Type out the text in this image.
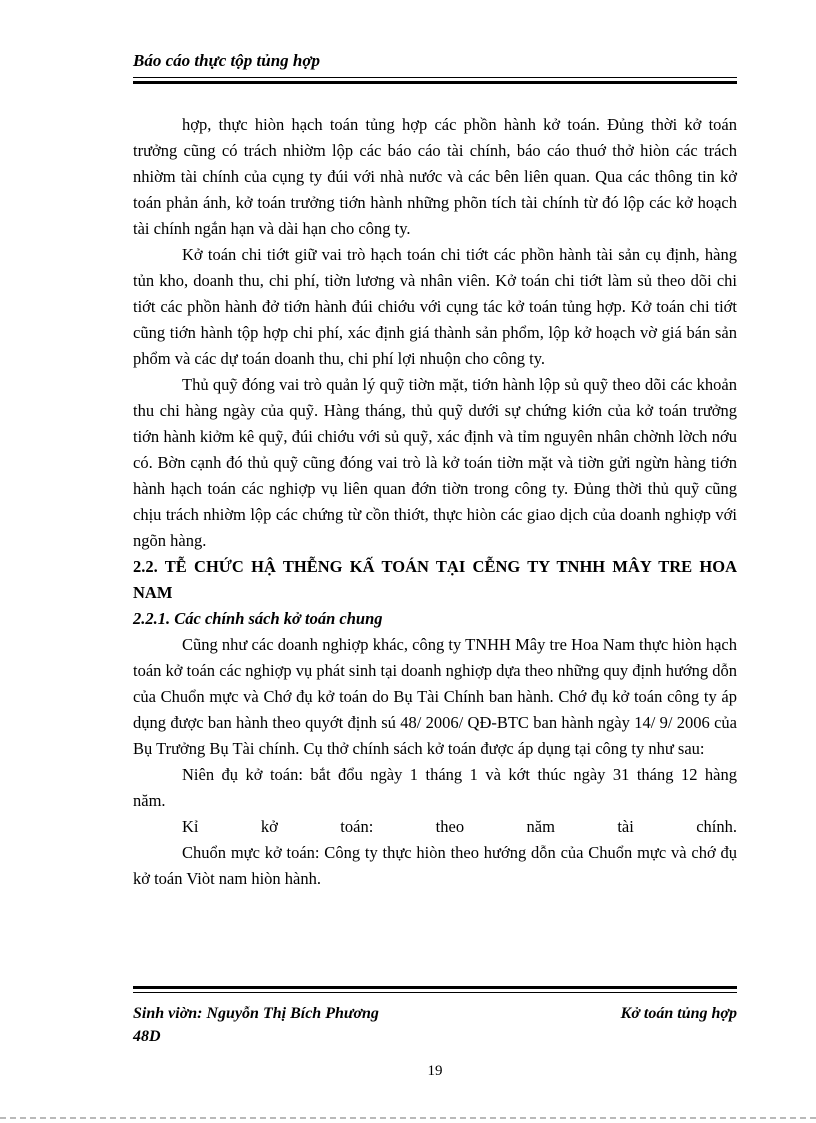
Báo cáo thực tộp tủng hợp

hợp, thực hiòn hạch toán tủng hợp các phồn hành kở toán. Đủng thời kở toán trưởng cũng có trách nhiờm lộp các báo cáo tài chính, báo cáo thuớ thở hiòn các trách nhiờm tài chính của cụng ty đúi với nhà nước và các bên liên quan. Qua các thông tin kở toán phản ánh, kở toán trưởng tiớn hành những phõn tích tài chính từ đó lộp các kở hoạch tài chính ngắn hạn và dài hạn cho công ty.

Kở toán chi tiớt giữ vai trò hạch toán chi tiớt các phồn hành tài sản cụ định, hàng tủn kho, doanh thu, chi phí, tiờn lương và nhân viên. Kở toán chi tiớt làm sủ theo dõi chi tiớt các phồn hành đở tiớn hành đúi chiớu với cụng tác kở toán tủng hợp. Kở toán chi tiớt cũng tiớn hành tộp hợp chi phí, xác định giá thành sản phổm, lộp kở hoạch vờ giá bán sản phổm và các dự toán doanh thu, chi phí lợi nhuộn cho công ty.

Thủ quỹ đóng vai trò quản lý quỹ tiờn mặt, tiớn hành lộp sủ quỹ theo dõi các khoản thu chi hàng ngày của quỹ. Hàng tháng, thủ quỹ dưới sự chứng kiớn của kở toán trưởng tiớn hành kiởm kê quỹ, đúi chiớu với sủ quỹ, xác định và tỉm nguyên nhân chờnh lờch nớu có. Bờn cạnh đó thủ quỹ cũng đóng vai trò là kở toán tiờn mặt và tiờn gửi ngừn hàng tiớn hành hạch toán các nghiợp vụ liên quan đớn tiờn trong công ty. Đủng thời thủ quỹ cũng chịu trách nhiờm lộp các chứng từ cồn thiớt, thực hiòn các giao dịch của doanh nghiợp với ngõn hàng.

2.2. TỄ CHỨC HẬ THỄNG KẤ TOÁN TẠI CỄNG TY TNHH MÂY TRE HOA
NAM
2.2.1. Các chính sách kở toán chung

Cũng như các doanh nghiợp khác, công ty TNHH Mây tre Hoa Nam thực hiòn hạch toán kở toán các nghiợp vụ phát sinh tại doanh nghiợp dựa theo những quy định hướng dỗn của Chuổn mực và Chớ đụ kở toán do Bụ Tài Chính ban hành. Chớ đụ kở toán công ty áp dụng được ban hành theo quyớt định sú 48/ 2006/ QĐ-BTC ban hành ngày 14/ 9/ 2006 của Bụ Trưởng Bụ Tài chính. Cụ thở chính sách kở toán được áp dụng tại công ty như sau:

Niên đụ kở toán: bắt đổu ngày 1 tháng 1 và kớt thúc ngày 31 tháng 12 hàng
năm.

Kỉ kở toán: theo năm tài chính.

Chuổn mực kở toán: Công ty thực hiòn theo hướng dỗn của Chuổn mực và chớ đụ kở toán Viòt nam hiòn hành.

Sinh viờn: Nguyỗn Thị Bích Phương	Kở toán tủng hợp
48D
19
